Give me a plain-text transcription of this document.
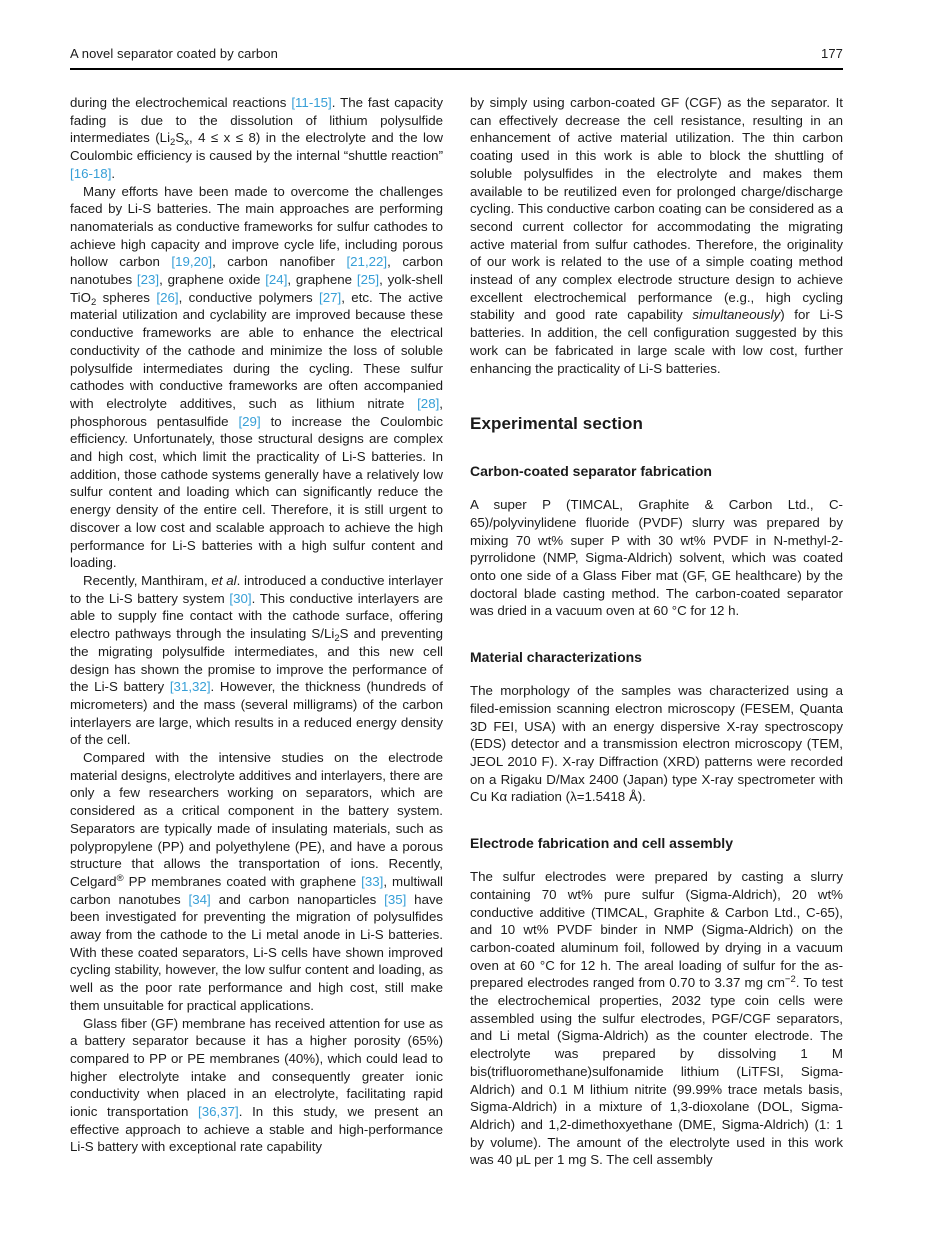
A novel separator coated by carbon	177

during the electrochemical reactions [11-15]. The fast capacity fading is due to the dissolution of lithium polysulfide intermediates ($Li_2S_x$, 4 ≤ x ≤ 8) in the electrolyte and the low Coulombic efficiency is caused by the internal “shuttle reaction” [16-18].

Many efforts have been made to overcome the challenges faced by Li-S batteries. The main approaches are performing nanomaterials as conductive frameworks for sulfur cathodes to achieve high capacity and improve cycle life, including porous hollow carbon [19,20], carbon nanofiber [21,22], carbon nanotubes [23], graphene oxide [24], graphene [25], yolk-shell TiO$_2$ spheres [26], conductive polymers [27], etc. The active material utilization and cyclability are improved because these conductive frameworks are able to enhance the electrical conductivity of the cathode and minimize the loss of soluble polysulfide intermediates during the cycling. These sulfur cathodes with conductive frameworks are often accompanied with electrolyte additives, such as lithium nitrate [28], phosphorous pentasulfide [29] to increase the Coulombic efficiency. Unfortunately, those structural designs are complex and high cost, which limit the practicality of Li-S batteries. In addition, those cathode systems generally have a relatively low sulfur content and loading which can significantly reduce the energy density of the entire cell. Therefore, it is still urgent to discover a low cost and scalable approach to achieve the high performance for Li-S batteries with a high sulfur content and loading.

Recently, Manthiram, et al. introduced a conductive interlayer to the Li-S battery system [30]. This conductive interlayers are able to supply fine contact with the cathode surface, offering electro pathways through the insulating $S/Li_2S$ and preventing the migrating polysulfide intermediates, and this new cell design has shown the promise to improve the performance of the Li-S battery [31,32]. However, the thickness (hundreds of micrometers) and the mass (several milligrams) of the carbon interlayers are large, which results in a reduced energy density of the cell.

Compared with the intensive studies on the electrode material designs, electrolyte additives and interlayers, there are only a few researchers working on separators, which are considered as a critical component in the battery system. Separators are typically made of insulating materials, such as polypropylene (PP) and polyethylene (PE), and have a porous structure that allows the transportation of ions. Recently, Celgard® PP membranes coated with graphene [33], multiwall carbon nanotubes [34] and carbon nanoparticles [35] have been investigated for preventing the migration of polysulfides away from the cathode to the Li metal anode in Li-S batteries. With these coated separators, Li-S cells have shown improved cycling stability, however, the low sulfur content and loading, as well as the poor rate performance and high cost, still make them unsuitable for practical applications.

Glass fiber (GF) membrane has received attention for use as a battery separator because it has a higher porosity (65%) compared to PP or PE membranes (40%), which could lead to higher electrolyte intake and consequently greater ionic conductivity when placed in an electrolyte, facilitating rapid ionic transportation [36,37]. In this study, we present an effective approach to achieve a stable and high-performance Li-S battery with exceptional rate capability

by simply using carbon-coated GF (CGF) as the separator. It can effectively decrease the cell resistance, resulting in an enhancement of active material utilization. The thin carbon coating used in this work is able to block the shuttling of soluble polysulfides in the electrolyte and makes them available to be reutilized even for prolonged charge/discharge cycling. This conductive carbon coating can be considered as a second current collector for accommodating the migrating active material from sulfur cathodes. Therefore, the originality of our work is related to the use of a simple coating method instead of any complex electrode structure design to achieve excellent electrochemical performance (e.g., high cycling stability and good rate capability simultaneously) for Li-S batteries. In addition, the cell configuration suggested by this work can be fabricated in large scale with low cost, further enhancing the practicality of Li-S batteries.

Experimental section
Carbon-coated separator fabrication

A super P (TIMCAL, Graphite & Carbon Ltd., C-65)/polyvinylidene fluoride (PVDF) slurry was prepared by mixing 70 wt% super P with 30 wt% PVDF in N-methyl-2-pyrrolidone (NMP, Sigma-Aldrich) solvent, which was coated onto one side of a Glass Fiber mat (GF, GE healthcare) by the doctoral blade casting method. The carbon-coated separator was dried in a vacuum oven at 60 °C for 12 h.

Material characterizations

The morphology of the samples was characterized using a filed-emission scanning electron microscopy (FESEM, Quanta 3D FEI, USA) with an energy dispersive X-ray spectroscopy (EDS) detector and a transmission electron microscopy (TEM, JEOL 2010 F). X-ray Diffraction (XRD) patterns were recorded on a Rigaku D/Max 2400 (Japan) type X-ray spectrometer with Cu Kα radiation (λ=1.5418 Å).

Electrode fabrication and cell assembly

The sulfur electrodes were prepared by casting a slurry containing 70 wt% pure sulfur (Sigma-Aldrich), 20 wt% conductive additive (TIMCAL, Graphite & Carbon Ltd., C-65), and 10 wt% PVDF binder in NMP (Sigma-Aldrich) on the carbon-coated aluminum foil, followed by drying in a vacuum oven at 60 °C for 12 h. The areal loading of sulfur for the as-prepared electrodes ranged from 0.70 to 3.37 mg $cm^{-2}$. To test the electrochemical properties, 2032 type coin cells were assembled using the sulfur electrodes, PGF/CGF separators, and Li metal (Sigma-Aldrich) as the counter electrode. The electrolyte was prepared by dissolving 1 M bis(trifluoromethane)sulfonamide lithium (LiTFSI, Sigma-Aldrich) and 0.1 M lithium nitrite (99.99% trace metals basis, Sigma-Aldrich) in a mixture of 1,3-dioxolane (DOL, Sigma-Aldrich) and 1,2-dimethoxyethane (DME, Sigma-Aldrich) (1: 1 by volume). The amount of the electrolyte used in this work was 40 μL per 1 mg S. The cell assembly
